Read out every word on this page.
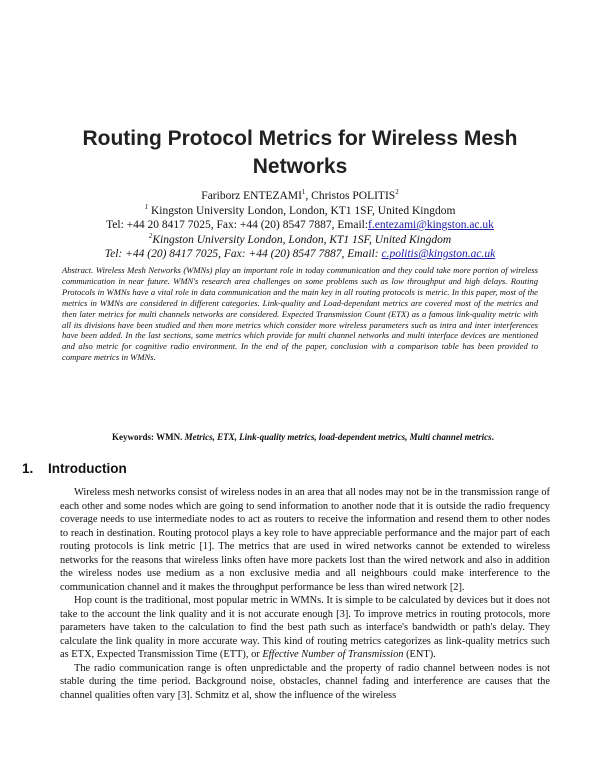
Routing Protocol Metrics for Wireless Mesh
Networks
Fariborz ENTEZAMI$^1$, Christos POLITIS$^2$
$^1$ Kingston University London, London, KT1 1SF, United Kingdom
Tel: +44 20 8417 7025, Fax: +44 (20) 8547 7887, Email:f.entezami@kingston.ac.uk
$^2$Kingston University London, London, KT1 1SF, United Kingdom
Tel: +44 (20) 8417 7025, Fax: +44 (20) 8547 7887, Email: c.politis@kingston.ac.uk
Abstract. Wireless Mesh Networks (WMNs) play an important role in today communication and they could take more portion of wireless communication in near future. WMN's research area challenges on some problems such as low throughput and high delays. Routing Protocols in WMNs have a vital role in data communication and the main key in all routing protocols is metric. In this paper, most of the metrics in WMNs are considered in different categories. Link-quality and Load-dependant metrics are covered most of the metrics and then later metrics for multi channels networks are considered. Expected Transmission Count (ETX) as a famous link-quality metric with all its divisions have been studied and then more metrics which consider more wireless parameters such as intra and inter interferences have been added. In the last sections, some metrics which provide for multi channel networks and multi interface devices are mentioned and also metric for cognitive radio environment. In the end of the paper, conclusion with a comparison table has been provided to compare metrics in WMNs.
Keywords: WMN. Metrics, ETX, Link-quality metrics, load-dependent metrics, Multi channel metrics.
1. Introduction

Wireless mesh networks consist of wireless nodes in an area that all nodes may not be in the transmission range of each other and some nodes which are going to send information to another node that it is outside the radio frequency coverage needs to use intermediate nodes to act as routers to receive the information and resend them to other nodes to reach in destination. Routing protocol plays a key role to have appreciable performance and the major part of each routing protocols is link metric [1]. The metrics that are used in wired networks cannot be extended to wireless networks for the reasons that wireless links often have more packets lost than the wired network and also in addition the wireless nodes use medium as a non exclusive media and all neighbours could make interference to the communication channel and it makes the throughput performance be less than wired network [2].

Hop count is the traditional, most popular metric in WMNs. It is simple to be calculated by devices but it does not take to the account the link quality and it is not accurate enough [3]. To improve metrics in routing protocols, more parameters have taken to the calculation to find the best path such as interface's bandwidth or path's delay. They calculate the link quality in more accurate way. This kind of routing metrics categorizes as link-quality metrics such as ETX, Expected Transmission Time (ETT), or Effective Number of Transmission (ENT).

The radio communication range is often unpredictable and the property of radio channel between nodes is not stable during the time period. Background noise, obstacles, channel fading and interference are causes that the channel qualities often vary [3]. Schmitz et al, show the influence of the wireless
